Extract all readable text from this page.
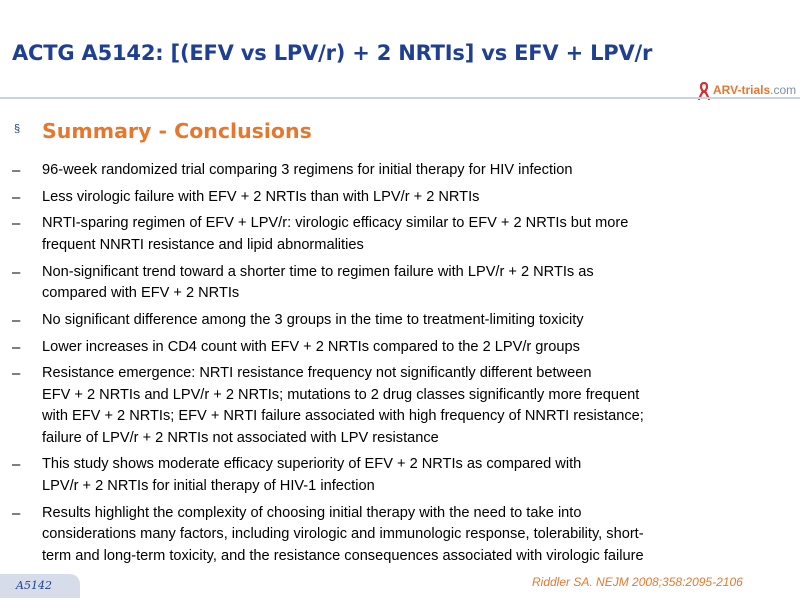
ACTG A5142: [(EFV vs LPV/r) + 2 NRTIs] vs EFV + LPV/r
ARV-trials.com
§ Summary - Conclusions
– 96-week randomized trial comparing 3 regimens for initial therapy for HIV infection
– Less virologic failure with EFV + 2 NRTIs than with LPV/r + 2 NRTIs
– NRTI-sparing regimen of EFV + LPV/r: virologic efficacy similar to EFV + 2 NRTIs but more
frequent NNRTI resistance and lipid abnormalities
– Non-significant trend toward a shorter time to regimen failure with LPV/r + 2 NRTIs as
compared with EFV + 2 NRTIs
– No significant difference among the 3 groups in the time to treatment-limiting toxicity
– Lower increases in CD4 count with EFV + 2 NRTIs compared to the 2 LPV/r groups
– Resistance emergence: NRTI resistance frequency not significantly different between
EFV + 2 NRTIs and LPV/r + 2 NRTIs; mutations to 2 drug classes significantly more frequent
with EFV + 2 NRTIs; EFV + NRTI failure associated with high frequency of NNRTI resistance;
failure of LPV/r + 2 NRTIs not associated with LPV resistance
– This study shows moderate efficacy superiority of EFV + 2 NRTIs as compared with
LPV/r + 2 NRTIs for initial therapy of HIV-1 infection
– Results highlight the complexity of choosing initial therapy with the need to take into
considerations many factors, including virologic and immunologic response, tolerability, short-
term and long-term toxicity, and the resistance consequences associated with virologic failure
A5142	Riddler SA. NEJM 2008;358:2095-2106
